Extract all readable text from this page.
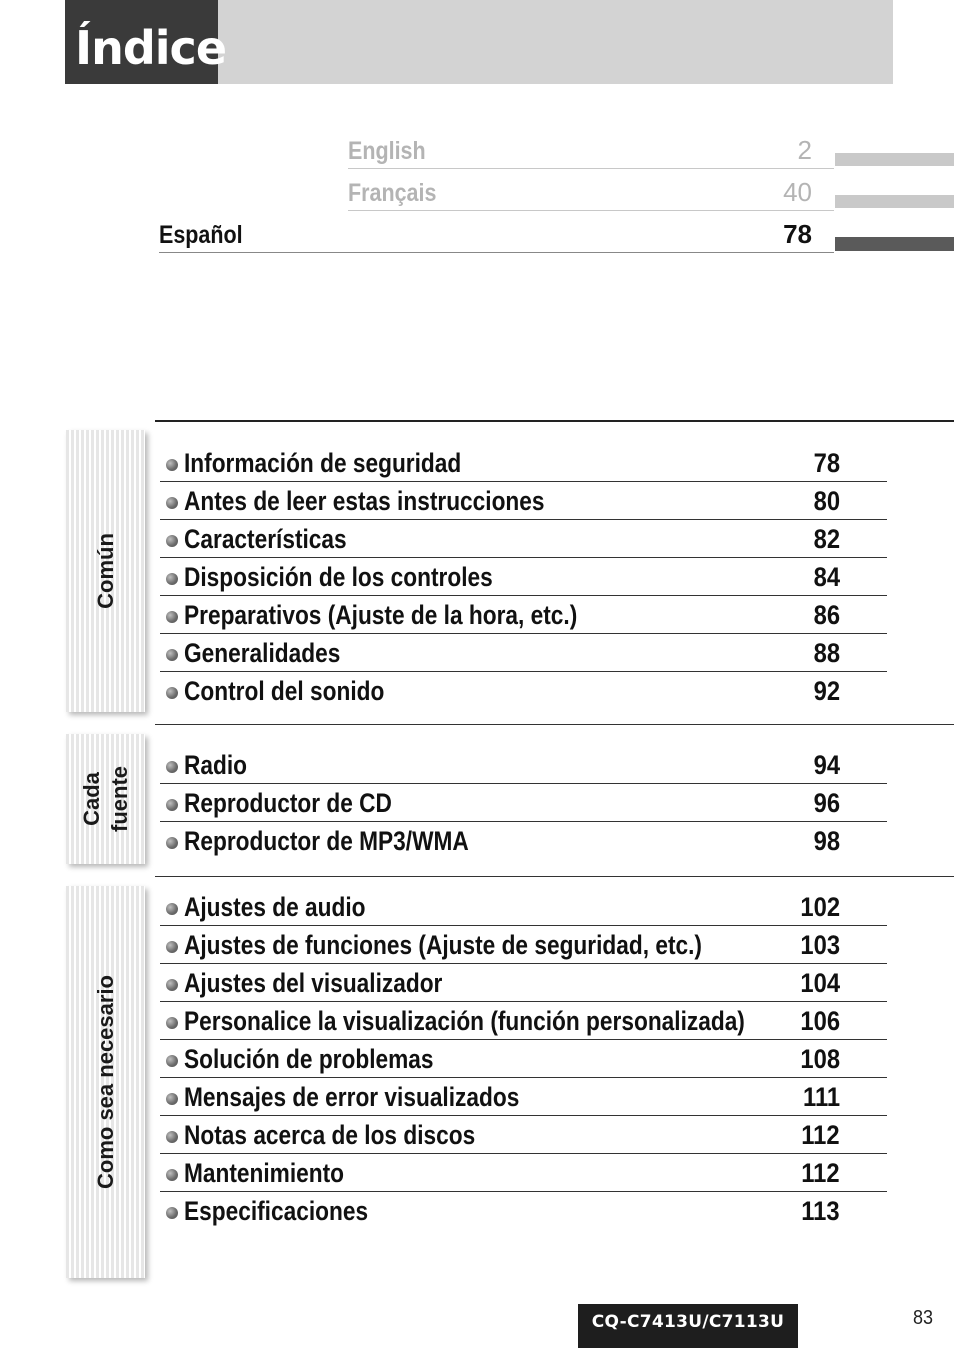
Índice
English	2
Français	40
Español	78
Común
Información de seguridad	78
Antes de leer estas instrucciones	80
Características	82
Disposición de los controles	84
Preparativos (Ajuste de la hora, etc.)	86
Generalidades	88
Control del sonido	92
Cada fuente
Radio	94
Reproductor de CD	96
Reproductor de MP3/WMA	98
Como sea necesario
Ajustes de audio	102
Ajustes de funciones (Ajuste de seguridad, etc.)	103
Ajustes del visualizador	104
Personalice la visualización (función personalizada) 106
Solución de problemas	108
Mensajes de error visualizados	111
Notas acerca de los discos	112
Mantenimiento	112
Especificaciones	113
CQ-C7413U/C7113U	83
